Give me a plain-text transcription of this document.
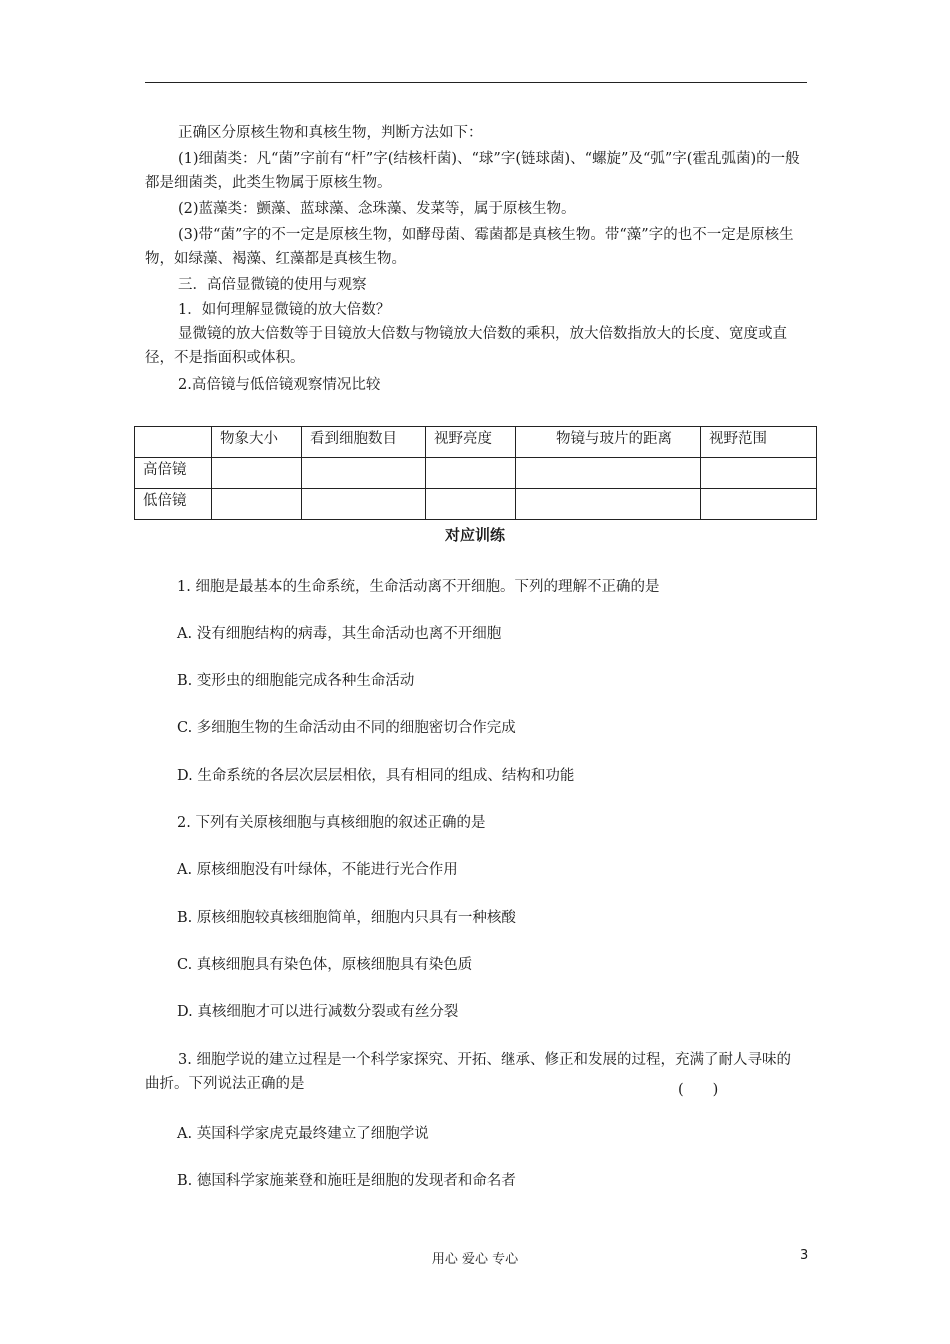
正确区分原核生物和真核生物，判断方法如下：

(1)细菌类：凡“菌”字前有“杆”字(结核杆菌)、“球”字(链球菌)、“螺旋”及“弧”字(霍乱弧菌)的一般都是细菌类，此类生物属于原核生物。

(2)蓝藻类：颤藻、蓝球藻、念珠藻、发菜等，属于原核生物。

(3)带“菌”字的不一定是原核生物，如酵母菌、霉菌都是真核生物。带“藻”字的也不一定是原核生物，如绿藻、褐藻、红藻都是真核生物。

三．高倍显微镜的使用与观察

1．如何理解显微镜的放大倍数？

显微镜的放大倍数等于目镜放大倍数与物镜放大倍数的乘积，放大倍数指放大的长度、宽度或直径，不是指面积或体积。

2.高倍镜与低倍镜观察情况比较

	物象大小	看到细胞数目	视野亮度	物镜与玻片的距离	视野范围
高倍镜					
低倍镜					
对应训练

1. 细胞是最基本的生命系统，生命活动离不开细胞。下列的理解不正确的是

A. 没有细胞结构的病毒，其生命活动也离不开细胞

B. 变形虫的细胞能完成各种生命活动

C. 多细胞生物的生命活动由不同的细胞密切合作完成

D. 生命系统的各层次层层相依，具有相同的组成、结构和功能

2. 下列有关原核细胞与真核细胞的叙述正确的是

A. 原核细胞没有叶绿体，不能进行光合作用

B. 原核细胞较真核细胞简单，细胞内只具有一种核酸

C. 真核细胞具有染色体，原核细胞具有染色质

D. 真核细胞才可以进行减数分裂或有丝分裂

3. 细胞学说的建立过程是一个科学家探究、开拓、继承、修正和发展的过程，充满了耐人寻味的曲折。下列说法正确的是	(　　)

A. 英国科学家虎克最终建立了细胞学说

B. 德国科学家施莱登和施旺是细胞的发现者和命名者

用心 爱心 专心	3
